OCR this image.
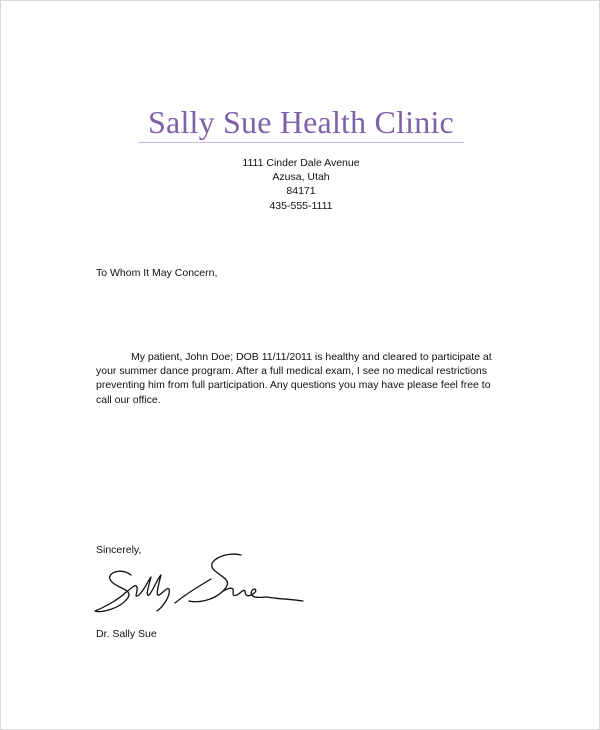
Sally Sue Health Clinic
1111 Cinder Dale Avenue
Azusa, Utah
84171
435-555-1111
To Whom It May Concern,
My patient, John Doe; DOB 11/11/2011 is healthy and cleared to participate at
your summer dance program. After a full medical exam, I see no medical restrictions
preventing him from full participation. Any questions you may have please feel free to
call our office.
Sincerely,
Dr. Sally Sue
